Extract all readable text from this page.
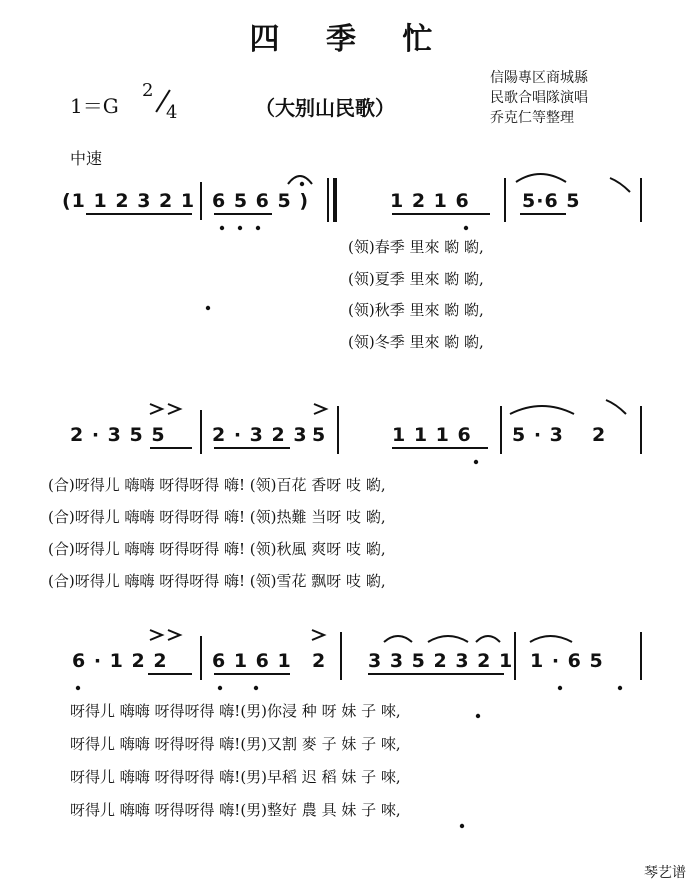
四 季 忙
1＝G
2
4	（大别山民歌）
信陽專区商城縣
民歌合唱隊演唱
乔克仁等整理
中速
(1 1 2 3 2 1 6 5 6 5 )	1 2 1 6	5·6 5
(领)春季 里來 喲 喲,
(领)夏季 里來 喲 喲,
(领)秋季 里來 喲 喲,
(领)冬季 里來 喲 喲,
2 · 3 5 5 2 · 3 2 3 5	1 1 1 6 5 · 3 2
(合)呀得儿 嗨嗨 呀得呀得 嗨! (领)百花 香呀 吱 喲,
(合)呀得儿 嗨嗨 呀得呀得 嗨! (领)热難 当呀 吱 喲,
(合)呀得儿 嗨嗨 呀得呀得 嗨! (领)秋風 爽呀 吱 喲,
(合)呀得儿 嗨嗨 呀得呀得 嗨! (领)雪花 飘呀 吱 喲,
6 · 1 2 2 6 1 6 1 2 3 3 5 2 3 2 1 1 · 6 5
呀得儿 嗨嗨 呀得呀得 嗨!(男)你浸 种 呀 妹 子 唻,
呀得儿 嗨嗨 呀得呀得 嗨!(男)又割 麥 子 妹 子 唻,
呀得儿 嗨嗨 呀得呀得 嗨!(男)早稻 迟 稻 妹 子 唻,
呀得儿 嗨嗨 呀得呀得 嗨!(男)整好 農 具 妹 子 唻,
琴艺谱
